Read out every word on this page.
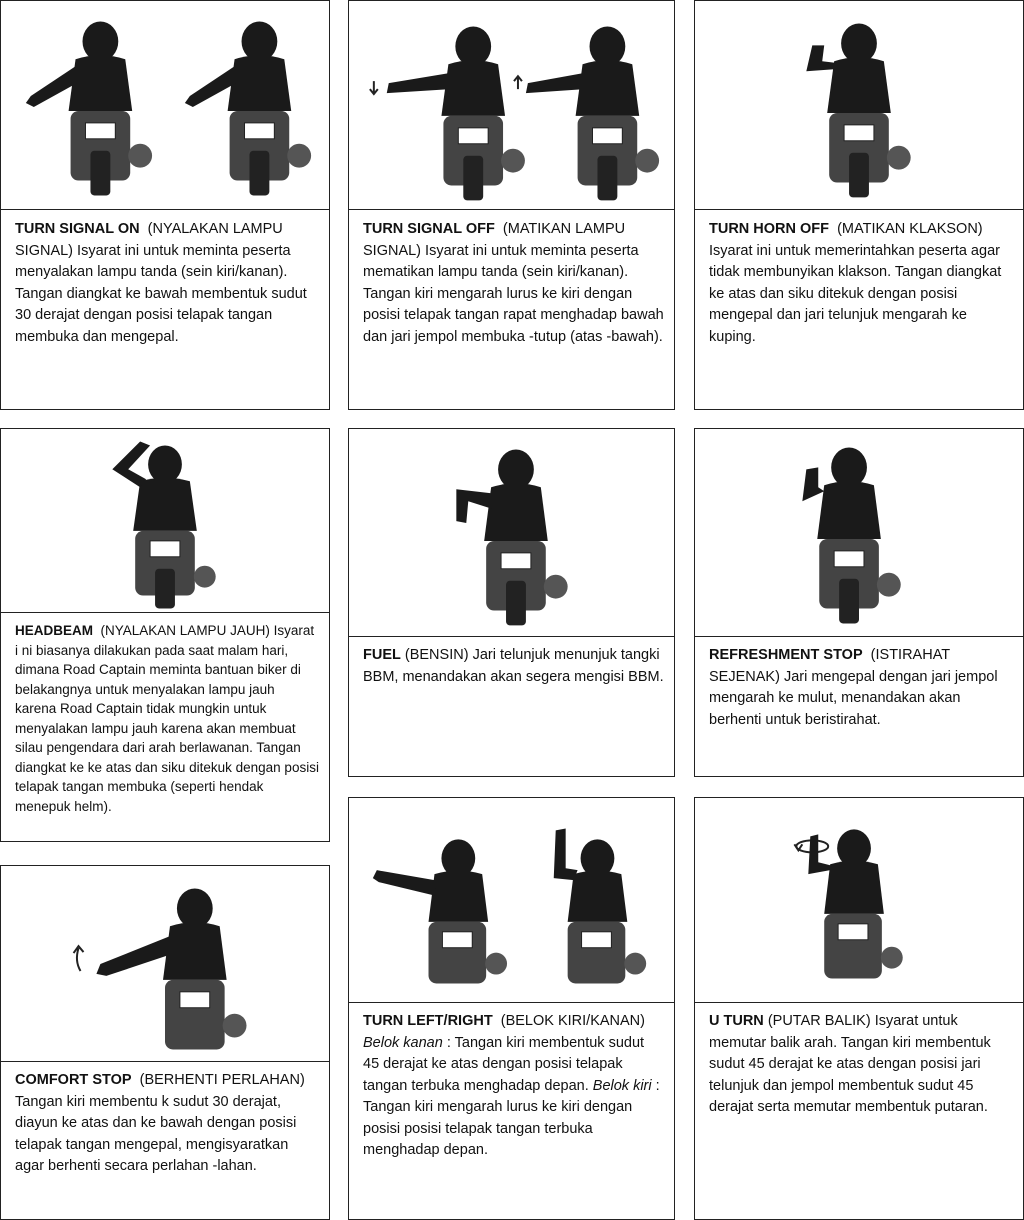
TURN SIGNAL ON (NYALAKAN LAMPU SIGNAL) Isyarat ini untuk meminta peserta menyalakan lampu tanda (sein kiri/kanan). Tangan diangkat ke bawah membentuk sudut 30 derajat dengan posisi telapak tangan membuka dan mengepal.
TURN SIGNAL OFF (MATIKAN LAMPU SIGNAL) Isyarat ini untuk meminta peserta mematikan lampu tanda (sein kiri/kanan). Tangan kiri mengarah lurus ke kiri dengan posisi telapak tangan rapat menghadap bawah dan jari jempol membuka -tutup (atas -bawah).
TURN HORN OFF (MATIKAN KLAKSON) Isyarat ini untuk memerintahkan peserta agar tidak membunyikan klakson. Tangan diangkat ke atas dan siku ditekuk dengan posisi mengepal dan jari telunjuk mengarah ke kuping.
HEADBEAM (NYALAKAN LAMPU JAUH) Isyarat i ni biasanya dilakukan pada saat malam hari, dimana Road Captain meminta bantuan biker di belakangnya untuk menyalakan lampu jauh karena Road Captain tidak mungkin untuk menyalakan lampu jauh karena akan membuat silau pengendara dari arah berlawanan. Tangan diangkat ke ke atas dan siku ditekuk dengan posisi telapak tangan membuka (seperti hendak menepuk helm).
FUEL (BENSIN) Jari telunjuk menunjuk tangki BBM, menandakan akan segera mengisi BBM.
REFRESHMENT STOP (ISTIRAHAT SEJENAK) Jari mengepal dengan jari jempol mengarah ke mulut, menandakan akan berhenti untuk beristirahat.
COMFORT STOP (BERHENTI PERLAHAN)
Tangan kiri membentu k sudut 30 derajat, diayun ke atas dan ke bawah dengan posisi telapak tangan mengepal, mengisyaratkan agar berhenti secara perlahan -lahan.
TURN LEFT/RIGHT (BELOK KIRI/KANAN)
Belok kanan : Tangan kiri membentuk sudut 45 derajat ke atas dengan posisi telapak tangan terbuka menghadap depan. Belok kiri : Tangan kiri mengarah lurus ke kiri dengan posisi posisi telapak tangan terbuka menghadap depan.
U TURN (PUTAR BALIK) Isyarat untuk memutar balik arah. Tangan kiri membentuk sudut 45 derajat ke atas dengan posisi jari telunjuk dan jempol membentuk sudut 45 derajat serta memutar membentuk putaran.
